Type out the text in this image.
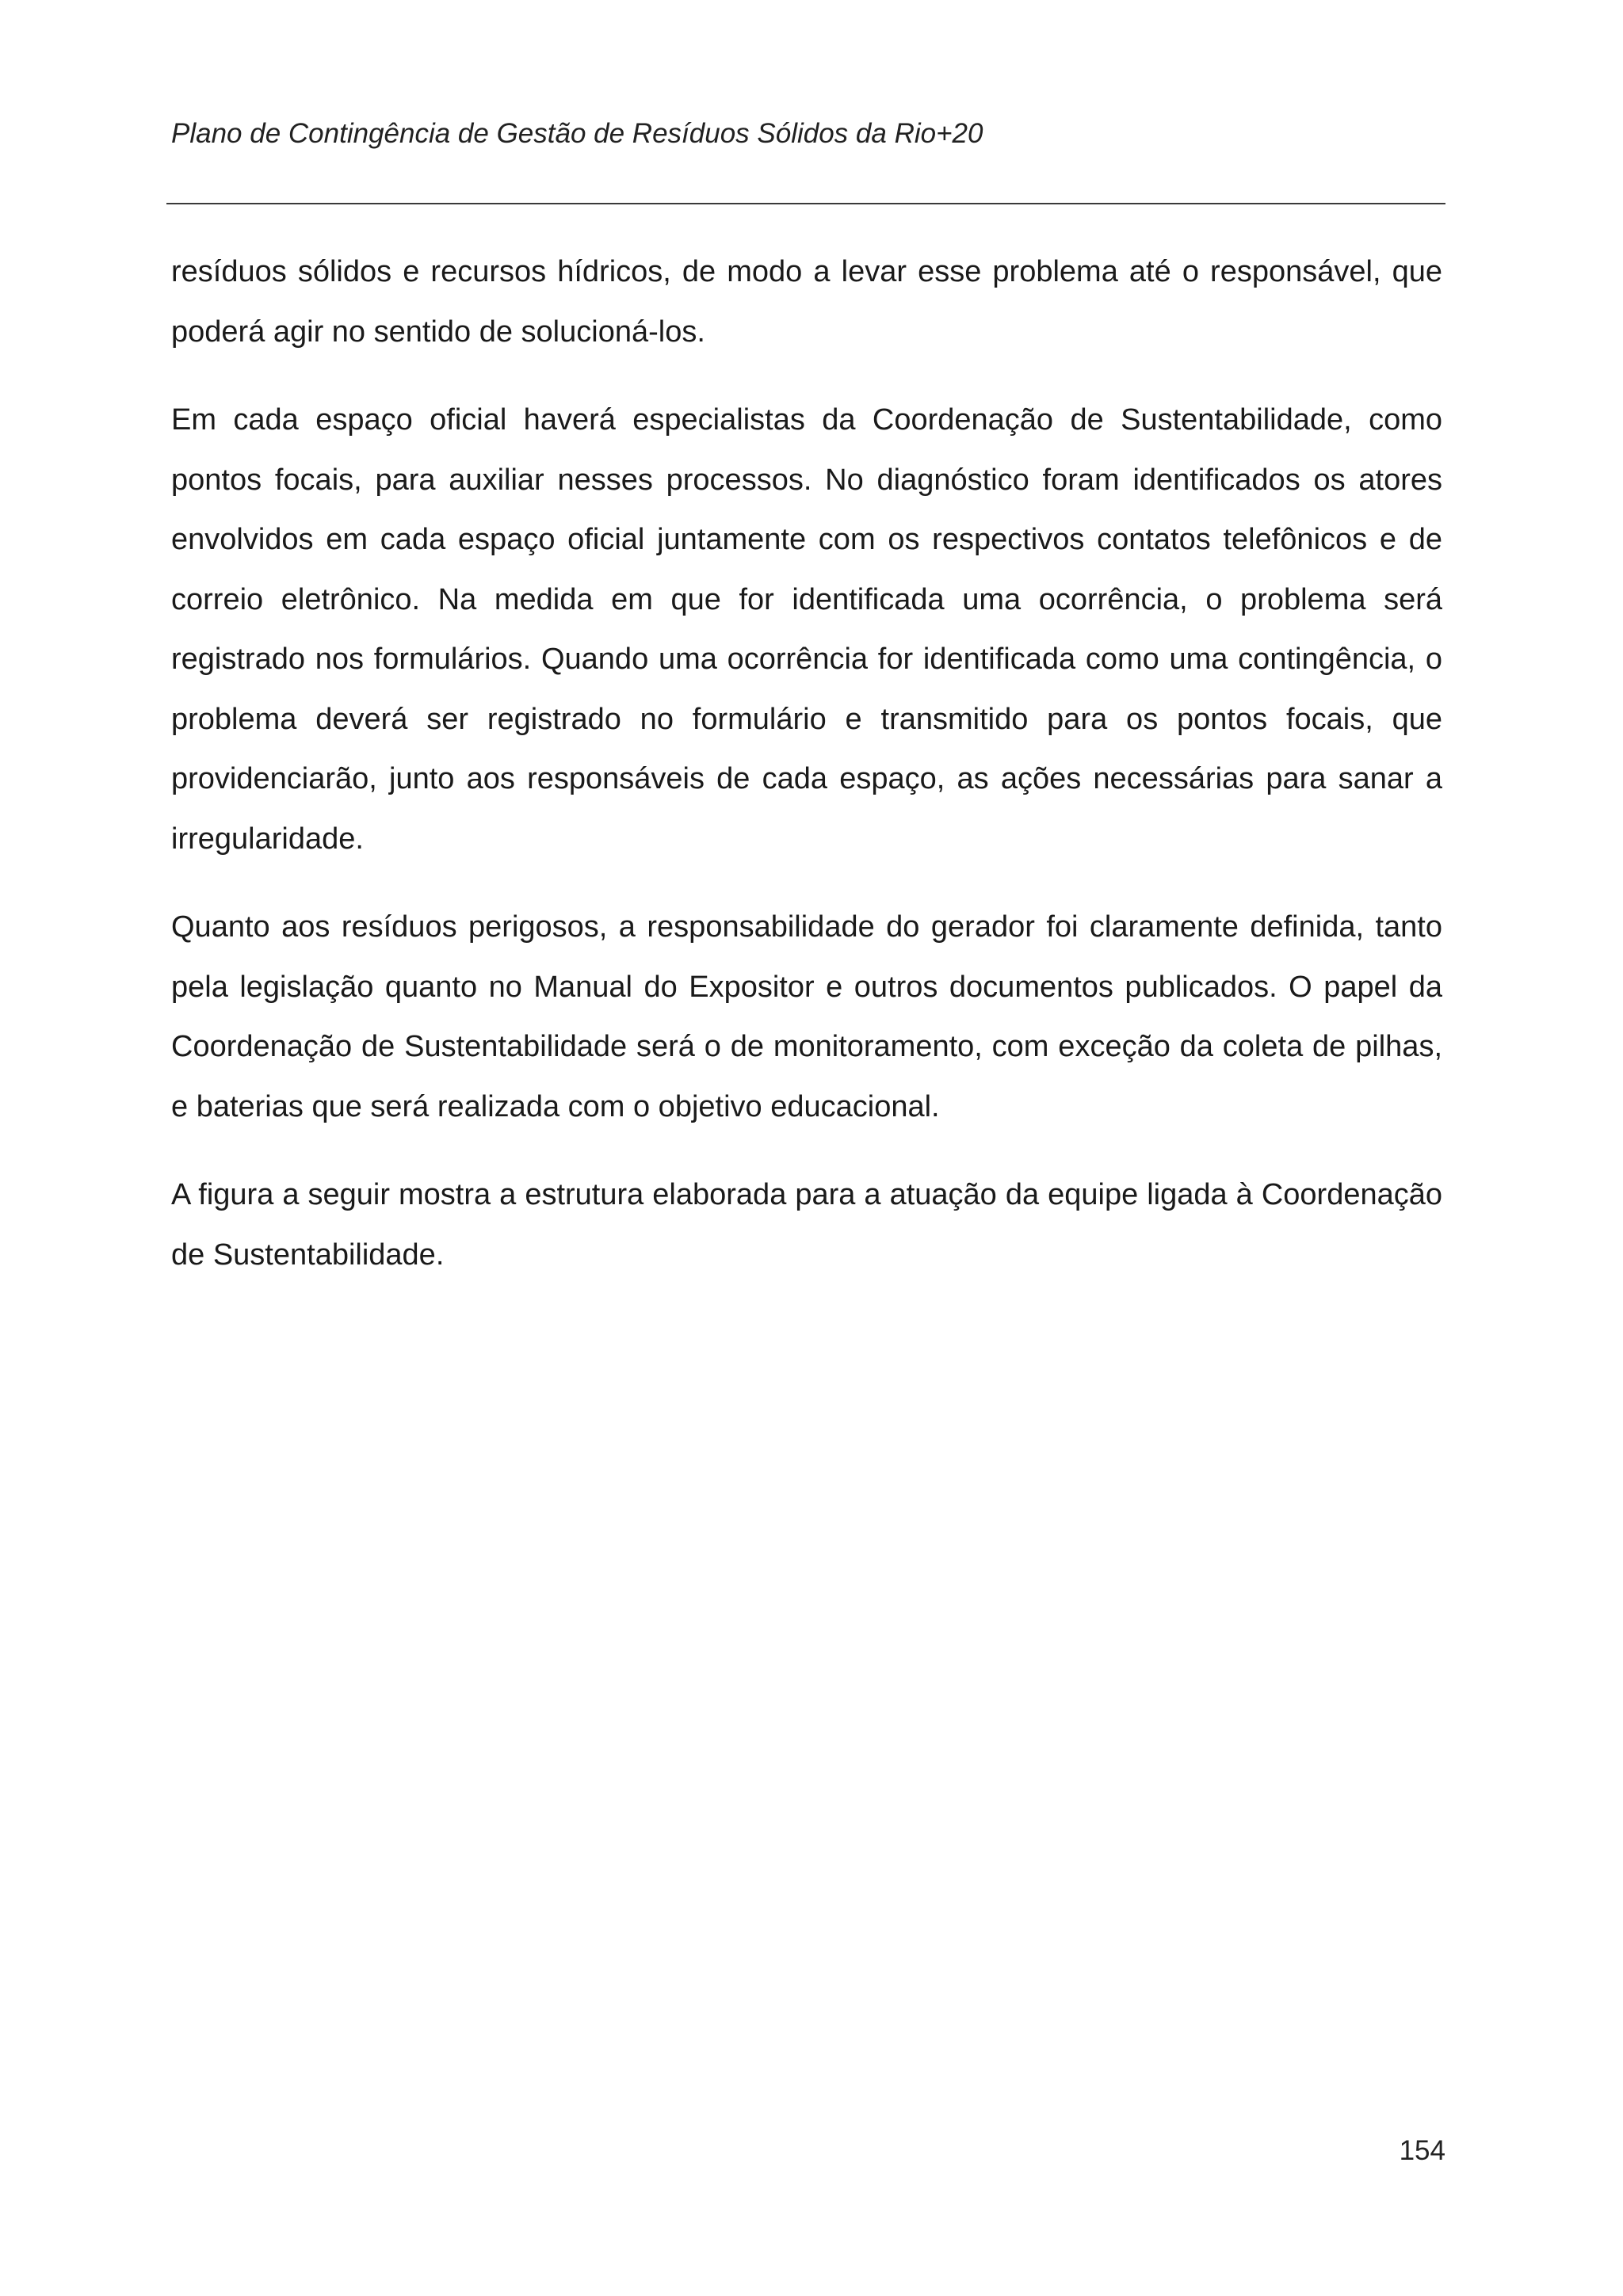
Plano de Contingência de Gestão de Resíduos Sólidos da Rio+20

resíduos sólidos e recursos hídricos, de modo a levar esse problema até o responsável, que poderá agir no sentido de solucioná-los.

Em cada espaço oficial haverá especialistas da Coordenação de Sustentabilidade, como pontos focais, para auxiliar nesses processos. No diagnóstico foram identificados os atores envolvidos em cada espaço oficial juntamente com os respectivos contatos telefônicos e de correio eletrônico. Na medida em que for identificada uma ocorrência, o problema será registrado nos formulários. Quando uma ocorrência for identificada como uma contingência, o problema deverá ser registrado no formulário e transmitido para os pontos focais, que providenciarão, junto aos responsáveis de cada espaço, as ações necessárias para sanar a irregularidade.

Quanto aos resíduos perigosos, a responsabilidade do gerador foi claramente definida, tanto pela legislação quanto no Manual do Expositor e outros documentos publicados. O papel da Coordenação de Sustentabilidade será o de monitoramento, com exceção da coleta de pilhas, e baterias que será realizada com o objetivo educacional.

A figura a seguir mostra a estrutura elaborada para a atuação da equipe ligada à Coordenação de Sustentabilidade.

154
